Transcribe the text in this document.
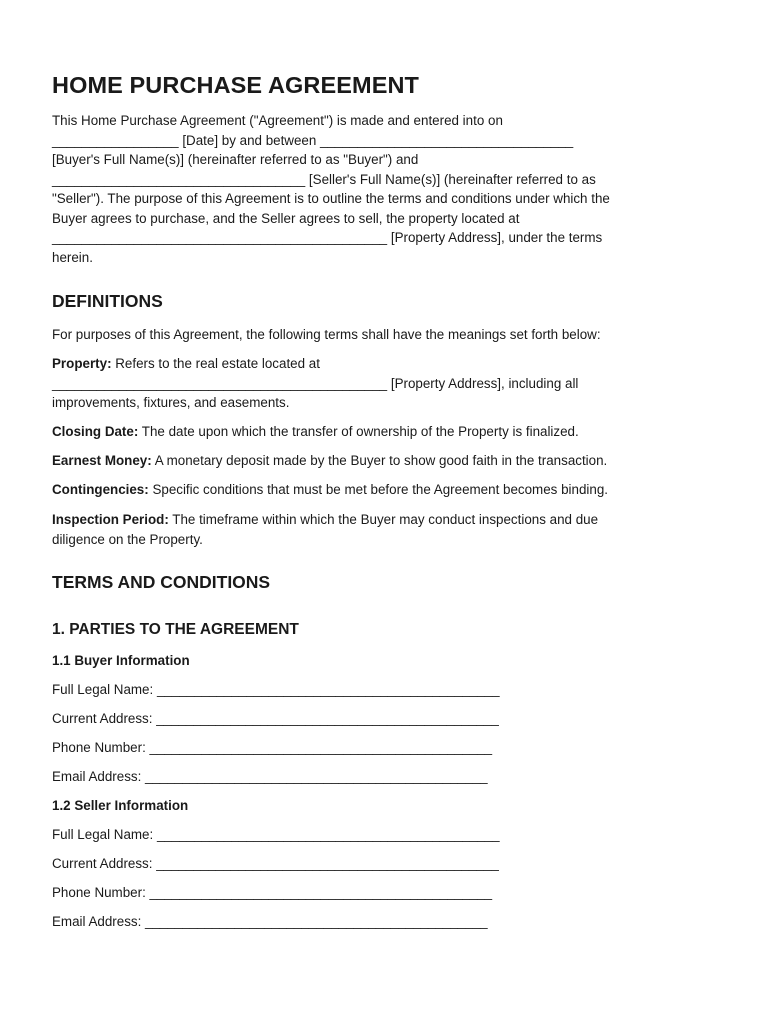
HOME PURCHASE AGREEMENT
This Home Purchase Agreement ("Agreement") is made and entered into on
_________________ [Date] by and between __________________________________
[Buyer's Full Name(s)] (hereinafter referred to as "Buyer") and
__________________________________ [Seller's Full Name(s)] (hereinafter referred to as
"Seller"). The purpose of this Agreement is to outline the terms and conditions under which the
Buyer agrees to purchase, and the Seller agrees to sell, the property located at
_____________________________________________ [Property Address], under the terms
herein.
DEFINITIONS

For purposes of this Agreement, the following terms shall have the meanings set forth below:

Property: Refers to the real estate located at
_____________________________________________ [Property Address], including all
improvements, fixtures, and easements.
Closing Date: The date upon which the transfer of ownership of the Property is finalized.
Earnest Money: A monetary deposit made by the Buyer to show good faith in the transaction.
Contingencies: Specific conditions that must be met before the Agreement becomes binding.
Inspection Period: The timeframe within which the Buyer may conduct inspections and due
diligence on the Property.
TERMS AND CONDITIONS
1. PARTIES TO THE AGREEMENT
1.1 Buyer Information

Full Legal Name: ______________________________________________

Current Address: ______________________________________________

Phone Number: ______________________________________________

Email Address: ______________________________________________

1.2 Seller Information

Full Legal Name: ______________________________________________

Current Address: ______________________________________________

Phone Number: ______________________________________________

Email Address: ______________________________________________
